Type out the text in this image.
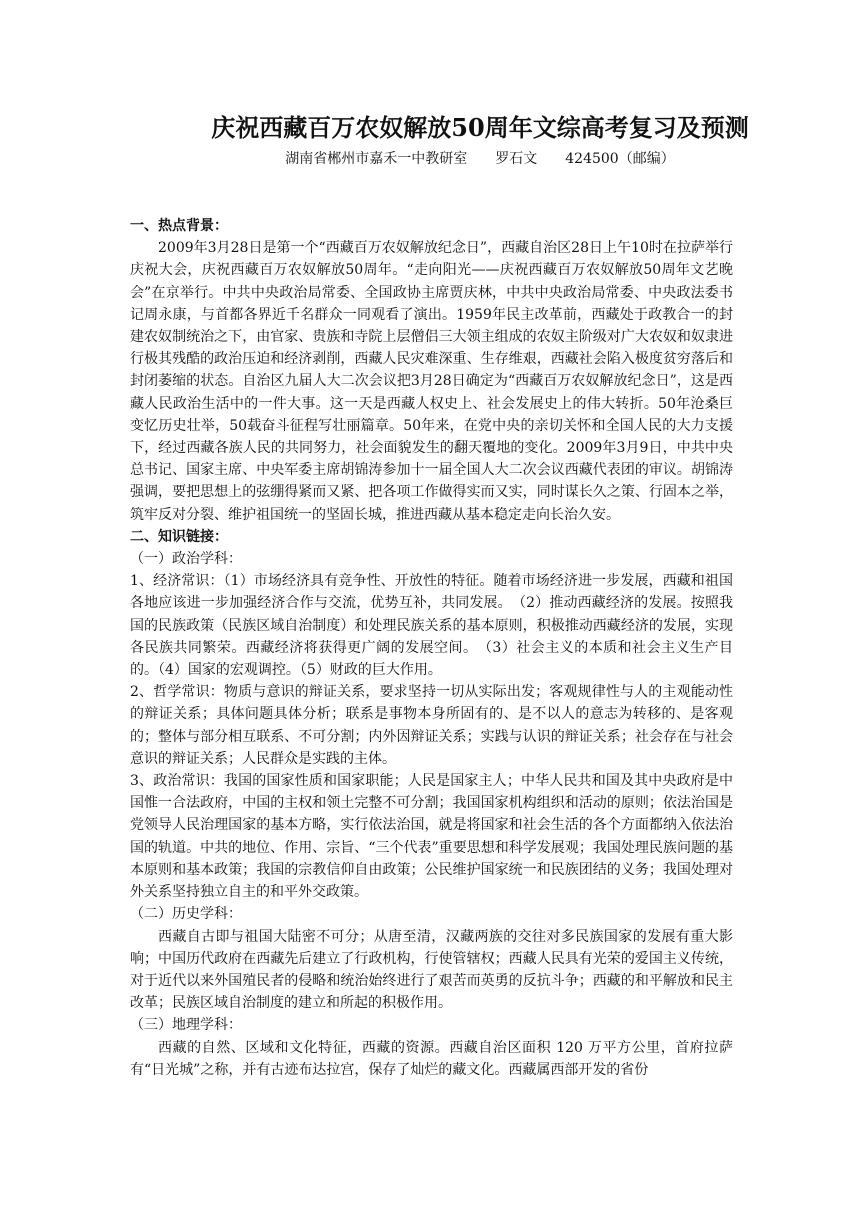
庆祝西藏百万农奴解放50周年文综高考复习及预测
湖南省郴州市嘉禾一中教研室　　罗石文　　424500（邮编）

一、热点背景：

2009年3月28日是第一个“西藏百万农奴解放纪念日”，西藏自治区28日上午10时在拉萨举行庆祝大会，庆祝西藏百万农奴解放50周年。“走向阳光——庆祝西藏百万农奴解放50周年文艺晚会”在京举行。中共中央政治局常委、全国政协主席贾庆林，中共中央政治局常委、中央政法委书记周永康，与首都各界近千名群众一同观看了演出。1959年民主改革前，西藏处于政教合一的封建农奴制统治之下，由官家、贵族和寺院上层僧侣三大领主组成的农奴主阶级对广大农奴和奴隶进行极其残酷的政治压迫和经济剥削，西藏人民灾难深重、生存维艰，西藏社会陷入极度贫穷落后和封闭萎缩的状态。自治区九届人大二次会议把3月28日确定为“西藏百万农奴解放纪念日”，这是西藏人民政治生活中的一件大事。这一天是西藏人权史上、社会发展史上的伟大转折。50年沧桑巨变忆历史壮举，50载奋斗征程写壮丽篇章。50年来，在党中央的亲切关怀和全国人民的大力支援下，经过西藏各族人民的共同努力，社会面貌发生的翻天覆地的变化。2009年3月9日，中共中央总书记、国家主席、中央军委主席胡锦涛参加十一届全国人大二次会议西藏代表团的审议。胡锦涛强调，要把思想上的弦绷得紧而又紧、把各项工作做得实而又实，同时谋长久之策、行固本之举，筑牢反对分裂、维护祖国统一的坚固长城，推进西藏从基本稳定走向长治久安。

二、知识链接：

（一）政治学科：

1、经济常识：（1）市场经济具有竞争性、开放性的特征。随着市场经济进一步发展，西藏和祖国各地应该进一步加强经济合作与交流，优势互补，共同发展。　（2）推动西藏经济的发展。按照我国的民族政策（民族区域自治制度）和处理民族关系的基本原则，积极推动西藏经济的发展，实现各民族共同繁荣。西藏经济将获得更广阔的发展空间。　（3）社会主义的本质和社会主义生产目的。（4）国家的宏观调控。（5）财政的巨大作用。

2、哲学常识：物质与意识的辩证关系，要求坚持一切从实际出发；客观规律性与人的主观能动性的辩证关系；具体问题具体分析；联系是事物本身所固有的、是不以人的意志为转移的、是客观的；整体与部分相互联系、不可分割；内外因辩证关系；实践与认识的辩证关系；社会存在与社会意识的辩证关系；人民群众是实践的主体。

3、政治常识：我国的国家性质和国家职能；人民是国家主人；中华人民共和国及其中央政府是中国惟一合法政府，中国的主权和领土完整不可分割；我国国家机构组织和活动的原则；依法治国是党领导人民治理国家的基本方略，实行依法治国，就是将国家和社会生活的各个方面都纳入依法治国的轨道。中共的地位、作用、宗旨、“三个代表”重要思想和科学发展观；我国处理民族问题的基本原则和基本政策；我国的宗教信仰自由政策；公民维护国家统一和民族团结的义务；我国处理对外关系坚持独立自主的和平外交政策。

（二）历史学科：

西藏自古即与祖国大陆密不可分；从唐至清，汉藏两族的交往对多民族国家的发展有重大影响；中国历代政府在西藏先后建立了行政机构，行使管辖权；西藏人民具有光荣的爱国主义传统，对于近代以来外国殖民者的侵略和统治始终进行了艰苦而英勇的反抗斗争；西藏的和平解放和民主改革；民族区域自治制度的建立和所起的积极作用。

（三）地理学科：

西藏的自然、区域和文化特征，西藏的资源。西藏自治区面积 120 万平方公里，首府拉萨有“日光城”之称，并有古迹布达拉宫，保存了灿烂的藏文化。西藏属西部开发的省份
